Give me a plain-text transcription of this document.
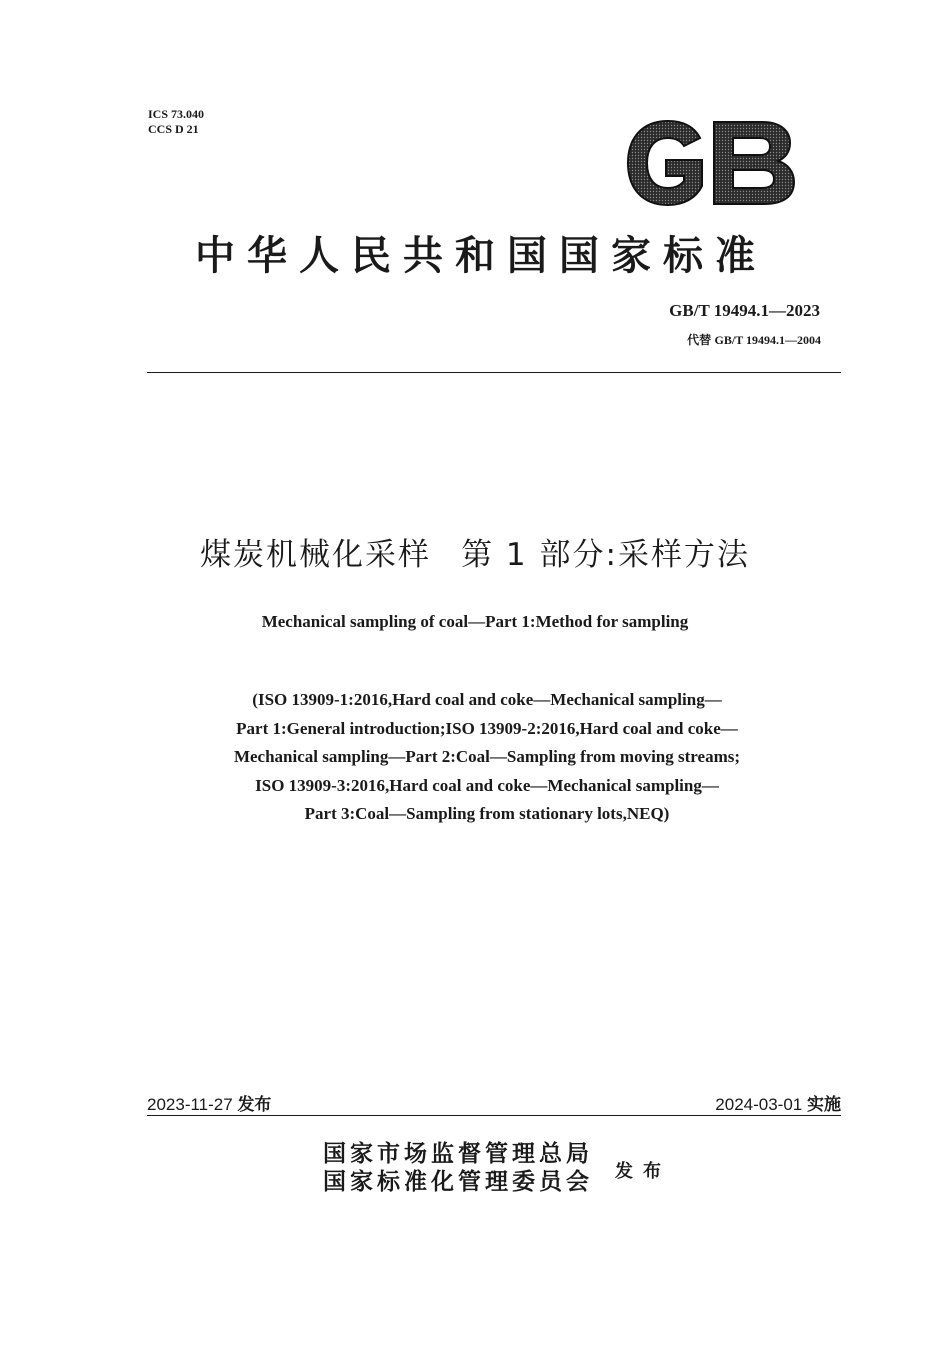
ICS 73.040
CCS D 21
中华人民共和国国家标准
GB/T 19494.1—2023
代替 GB/T 19494.1—2004
煤炭机械化采样 第 1 部分:采样方法
Mechanical sampling of coal—Part 1:Method for sampling
(ISO 13909-1:2016,Hard coal and coke—Mechanical sampling—
Part 1:General introduction;ISO 13909-2:2016,Hard coal and coke—
Mechanical sampling—Part 2:Coal—Sampling from moving streams;
ISO 13909-3:2016,Hard coal and coke—Mechanical sampling—
Part 3:Coal—Sampling from stationary lots,NEQ)
2023-11-27 发布	2024-03-01 实施
国家市场监督管理总局
国家标准化管理委员会 发布
